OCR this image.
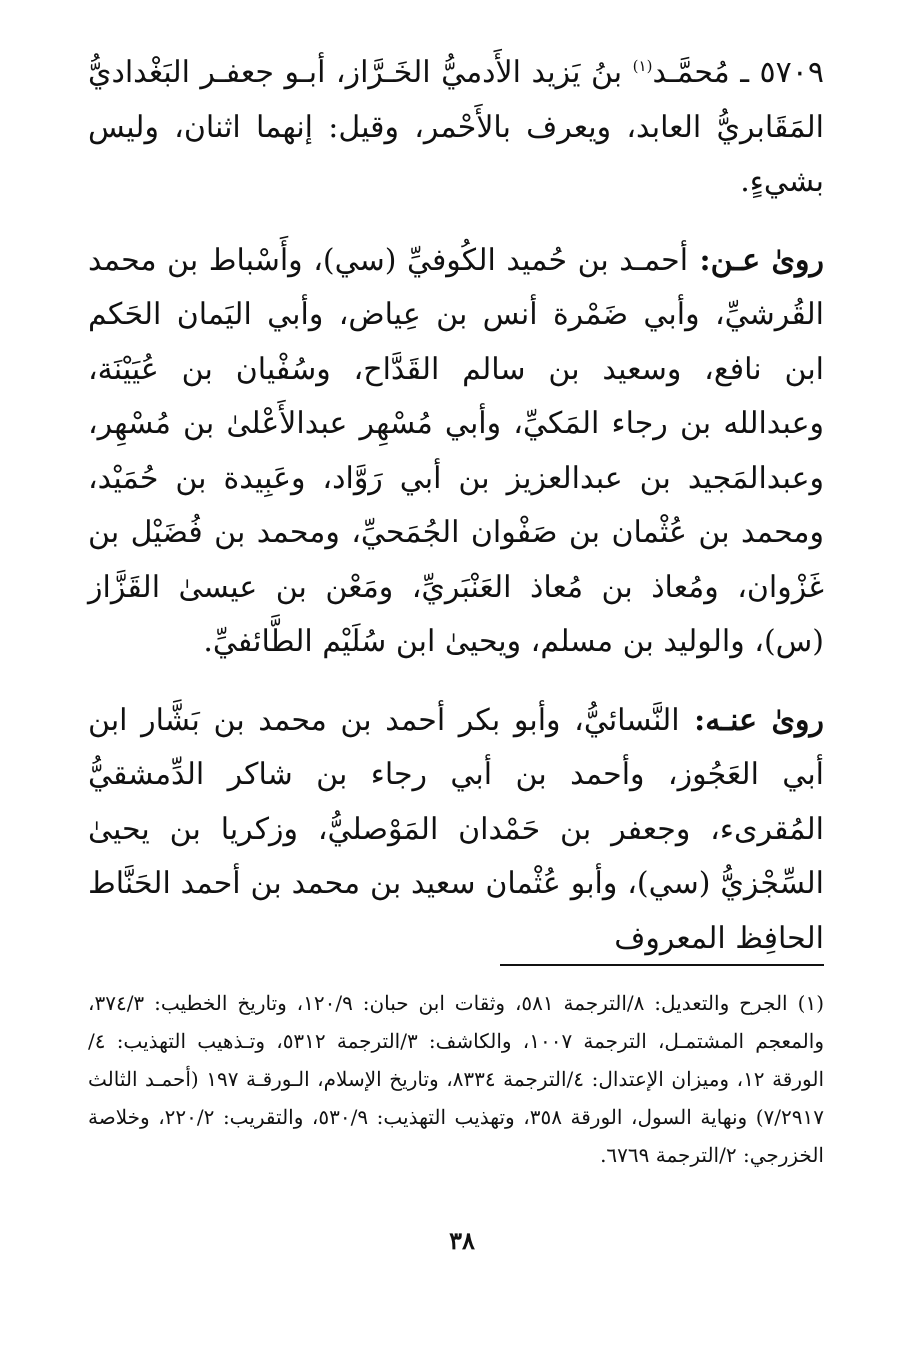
٥٧٠٩ ـ مُحمَّـد$^{(١)}$ بنُ يَزيد الأَدميُّ الخَـرَّاز، أبـو جعفـر البَغْداديُّ المَقَابريُّ العابد، ويعرف بالأَحْمر، وقيل: إنهما اثنان، وليس بشيءٍ.

روىٰ عـن: أحمـد بن حُميد الكُوفيِّ (سي)، وأَسْباط بن محمد القُرشيِّ، وأبي ضَمْرة أنس بن عِياض، وأبي اليَمان الحَكم ابن نافع، وسعيد بن سالم القَدَّاح، وسُفْيان بن عُيَيْنَة، وعبدالله بن رجاء المَكيِّ، وأبي مُسْهِر عبدالأَعْلىٰ بن مُسْهِر، وعبدالمَجيد بن عبدالعزيز بن أبي رَوَّاد، وعَبِيدة بن حُمَيْد، ومحمد بن عُثْمان بن صَفْوان الجُمَحيِّ، ومحمد بن فُضَيْل بن غَزْوان، ومُعاذ بن مُعاذ العَنْبَريِّ، ومَعْن بن عيسىٰ القَزَّاز (س)، والوليد بن مسلم، ويحيىٰ ابن سُلَيْم الطَّائفيِّ.

روىٰ عنـه: النَّسائيُّ، وأبو بكر أحمد بن محمد بن بَشَّار ابن أبي العَجُوز، وأحمد بن أبي رجاء بن شاكر الدِّمشقيُّ المُقرىء، وجعفر بن حَمْدان المَوْصليُّ، وزكريا بن يحيىٰ السِّجْزيُّ (سي)، وأبو عُثْمان سعيد بن محمد بن أحمد الحَنَّاط الحافِظ المعروف

(١)الجرح والتعديل: ٨/الترجمة ٥٨١، وثقات ابن حبان: ١٢٠/٩، وتاريخ الخطيب: ٣٧٤/٣، والمعجم المشتمـل، الترجمة ١٠٠٧، والكاشف: ٣/الترجمة ٥٣١٢، وتـذهيب التهذيب: ٤/الورقة ١٢، وميزان الإعتدال: ٤/الترجمة ٨٣٣٤، وتاريخ الإسلام، الـورقـة ١٩٧ (أحمـد الثالث ٧/٢٩١٧) ونهاية السول، الورقة ٣٥٨، وتهذيب التهذيب: ٥٣٠/٩، والتقريب: ٢٢٠/٢، وخلاصة الخزرجي: ٢/الترجمة ٦٧٦٩.
٣٨
